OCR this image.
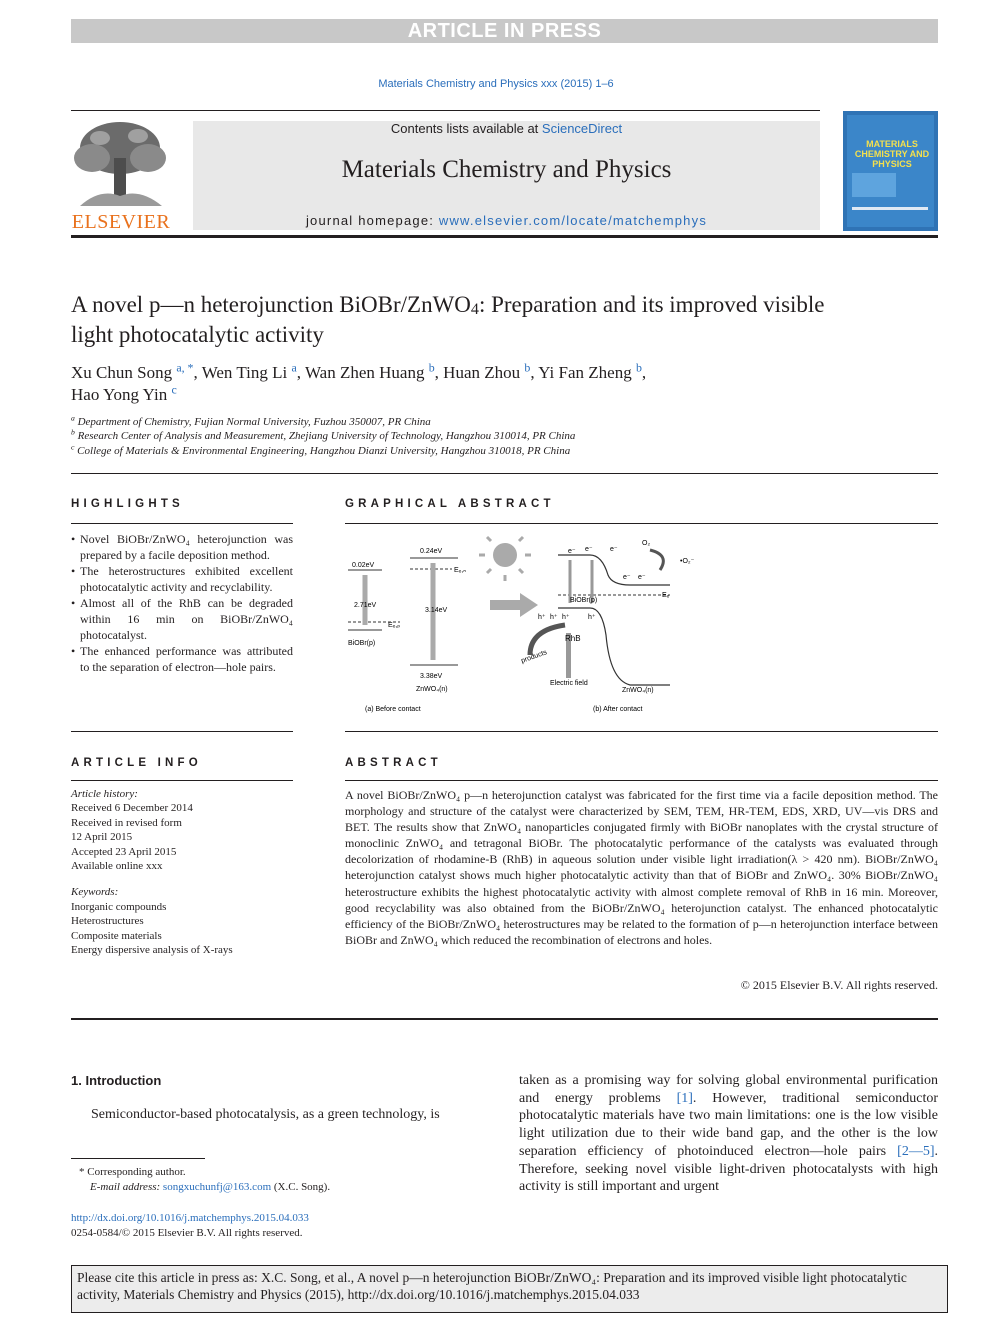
ARTICLE IN PRESS
Materials Chemistry and Physics xxx (2015) 1–6
ELSEVIER
Contents lists available at ScienceDirect
Materials Chemistry and Physics
journal homepage: www.elsevier.com/locate/matchemphys
MATERIALS CHEMISTRY AND PHYSICS
A novel p—n heterojunction BiOBr/ZnWO$_4$: Preparation and its improved visible light photocatalytic activity
Xu Chun Song $^{a, *}$, Wen Ting Li $^a$, Wan Zhen Huang $^b$, Huan Zhou $^b$, Yi Fan Zheng $^b$,
Hao Yong Yin $^c$
$^a$ Department of Chemistry, Fujian Normal University, Fuzhou 350007, PR China
$^b$ Research Center of Analysis and Measurement, Zhejiang University of Technology, Hangzhou 310014, PR China
$^c$ College of Materials & Environmental Engineering, Hangzhou Dianzi University, Hangzhou 310018, PR China
HIGHLIGHTS
• Novel BiOBr/ZnWO₄ heterojunction was prepared by a facile deposition method.
• The heterostructures exhibited excellent photocatalytic activity and recyclability.
• Almost all of the RhB can be degraded within 16 min on BiOBr/ZnWO₄ photocatalyst.
• The enhanced performance was attributed to the separation of electron—hole pairs.
GRAPHICAL ABSTRACT
0.02eV
0.24eV
Eₑ,ₙ
2.71eV
3.14eV
Eₑ,ₚ
BiOBr(p)
3.38eV
ZnWO₄(n)
(a) Before contact
e⁻ e⁻ e⁻
e⁻ e⁻
O₂
•O₂⁻
Eₑ
BiOBr(p)
h⁺ h⁺ h⁺	h⁺
RhB
products
Electric field
ZnWO₄(n)
(b) After contact
ARTICLE INFO
Article history:
Received 6 December 2014
Received in revised form
12 April 2015
Accepted 23 April 2015
Available online xxx
Keywords:
Inorganic compounds
Heterostructures
Composite materials
Energy dispersive analysis of X-rays
ABSTRACT
A novel BiOBr/ZnWO₄ p—n heterojunction catalyst was fabricated for the first time via a facile deposition method. The morphology and structure of the catalyst were characterized by SEM, TEM, HR-TEM, EDS, XRD, UV—vis DRS and BET. The results show that ZnWO₄ nanoparticles conjugated firmly with BiOBr nanoplates with the crystal structure of monoclinic ZnWO₄ and tetragonal BiOBr. The photocatalytic performance of the catalysts was evaluated through decolorization of rhodamine-B (RhB) in aqueous solution under visible light irradiation(λ > 420 nm). BiOBr/ZnWO₄ heterojunction catalyst shows much higher photocatalytic activity than that of BiOBr and ZnWO₄. 30% BiOBr/ZnWO₄ heterostructure exhibits the highest photocatalytic activity with almost complete removal of RhB in 16 min. Moreover, good recyclability was also obtained from the BiOBr/ZnWO₄ heterojunction catalyst. The enhanced photocatalytic efficiency of the BiOBr/ZnWO₄ heterostructures may be related to the formation of p—n heterojunction interface between BiOBr and ZnWO₄ which reduced the recombination of electrons and holes.
© 2015 Elsevier B.V. All rights reserved.
1. Introduction
Semiconductor-based photocatalysis, as a green technology, is
taken as a promising way for solving global environmental purification and energy problems [1]. However, traditional semiconductor photocatalytic materials have two main limitations: one is the low visible light utilization due to their wide band gap, and the other is the low separation efficiency of photoinduced electron—hole pairs [2—5]. Therefore, seeking novel visible light-driven photocatalysts with high activity is still important and urgent
* Corresponding author.
E-mail address: songxuchunfj@163.com (X.C. Song).
http://dx.doi.org/10.1016/j.matchemphys.2015.04.033
0254-0584/© 2015 Elsevier B.V. All rights reserved.
Please cite this article in press as: X.C. Song, et al., A novel p—n heterojunction BiOBr/ZnWO₄: Preparation and its improved visible light photocatalytic activity, Materials Chemistry and Physics (2015), http://dx.doi.org/10.1016/j.matchemphys.2015.04.033
